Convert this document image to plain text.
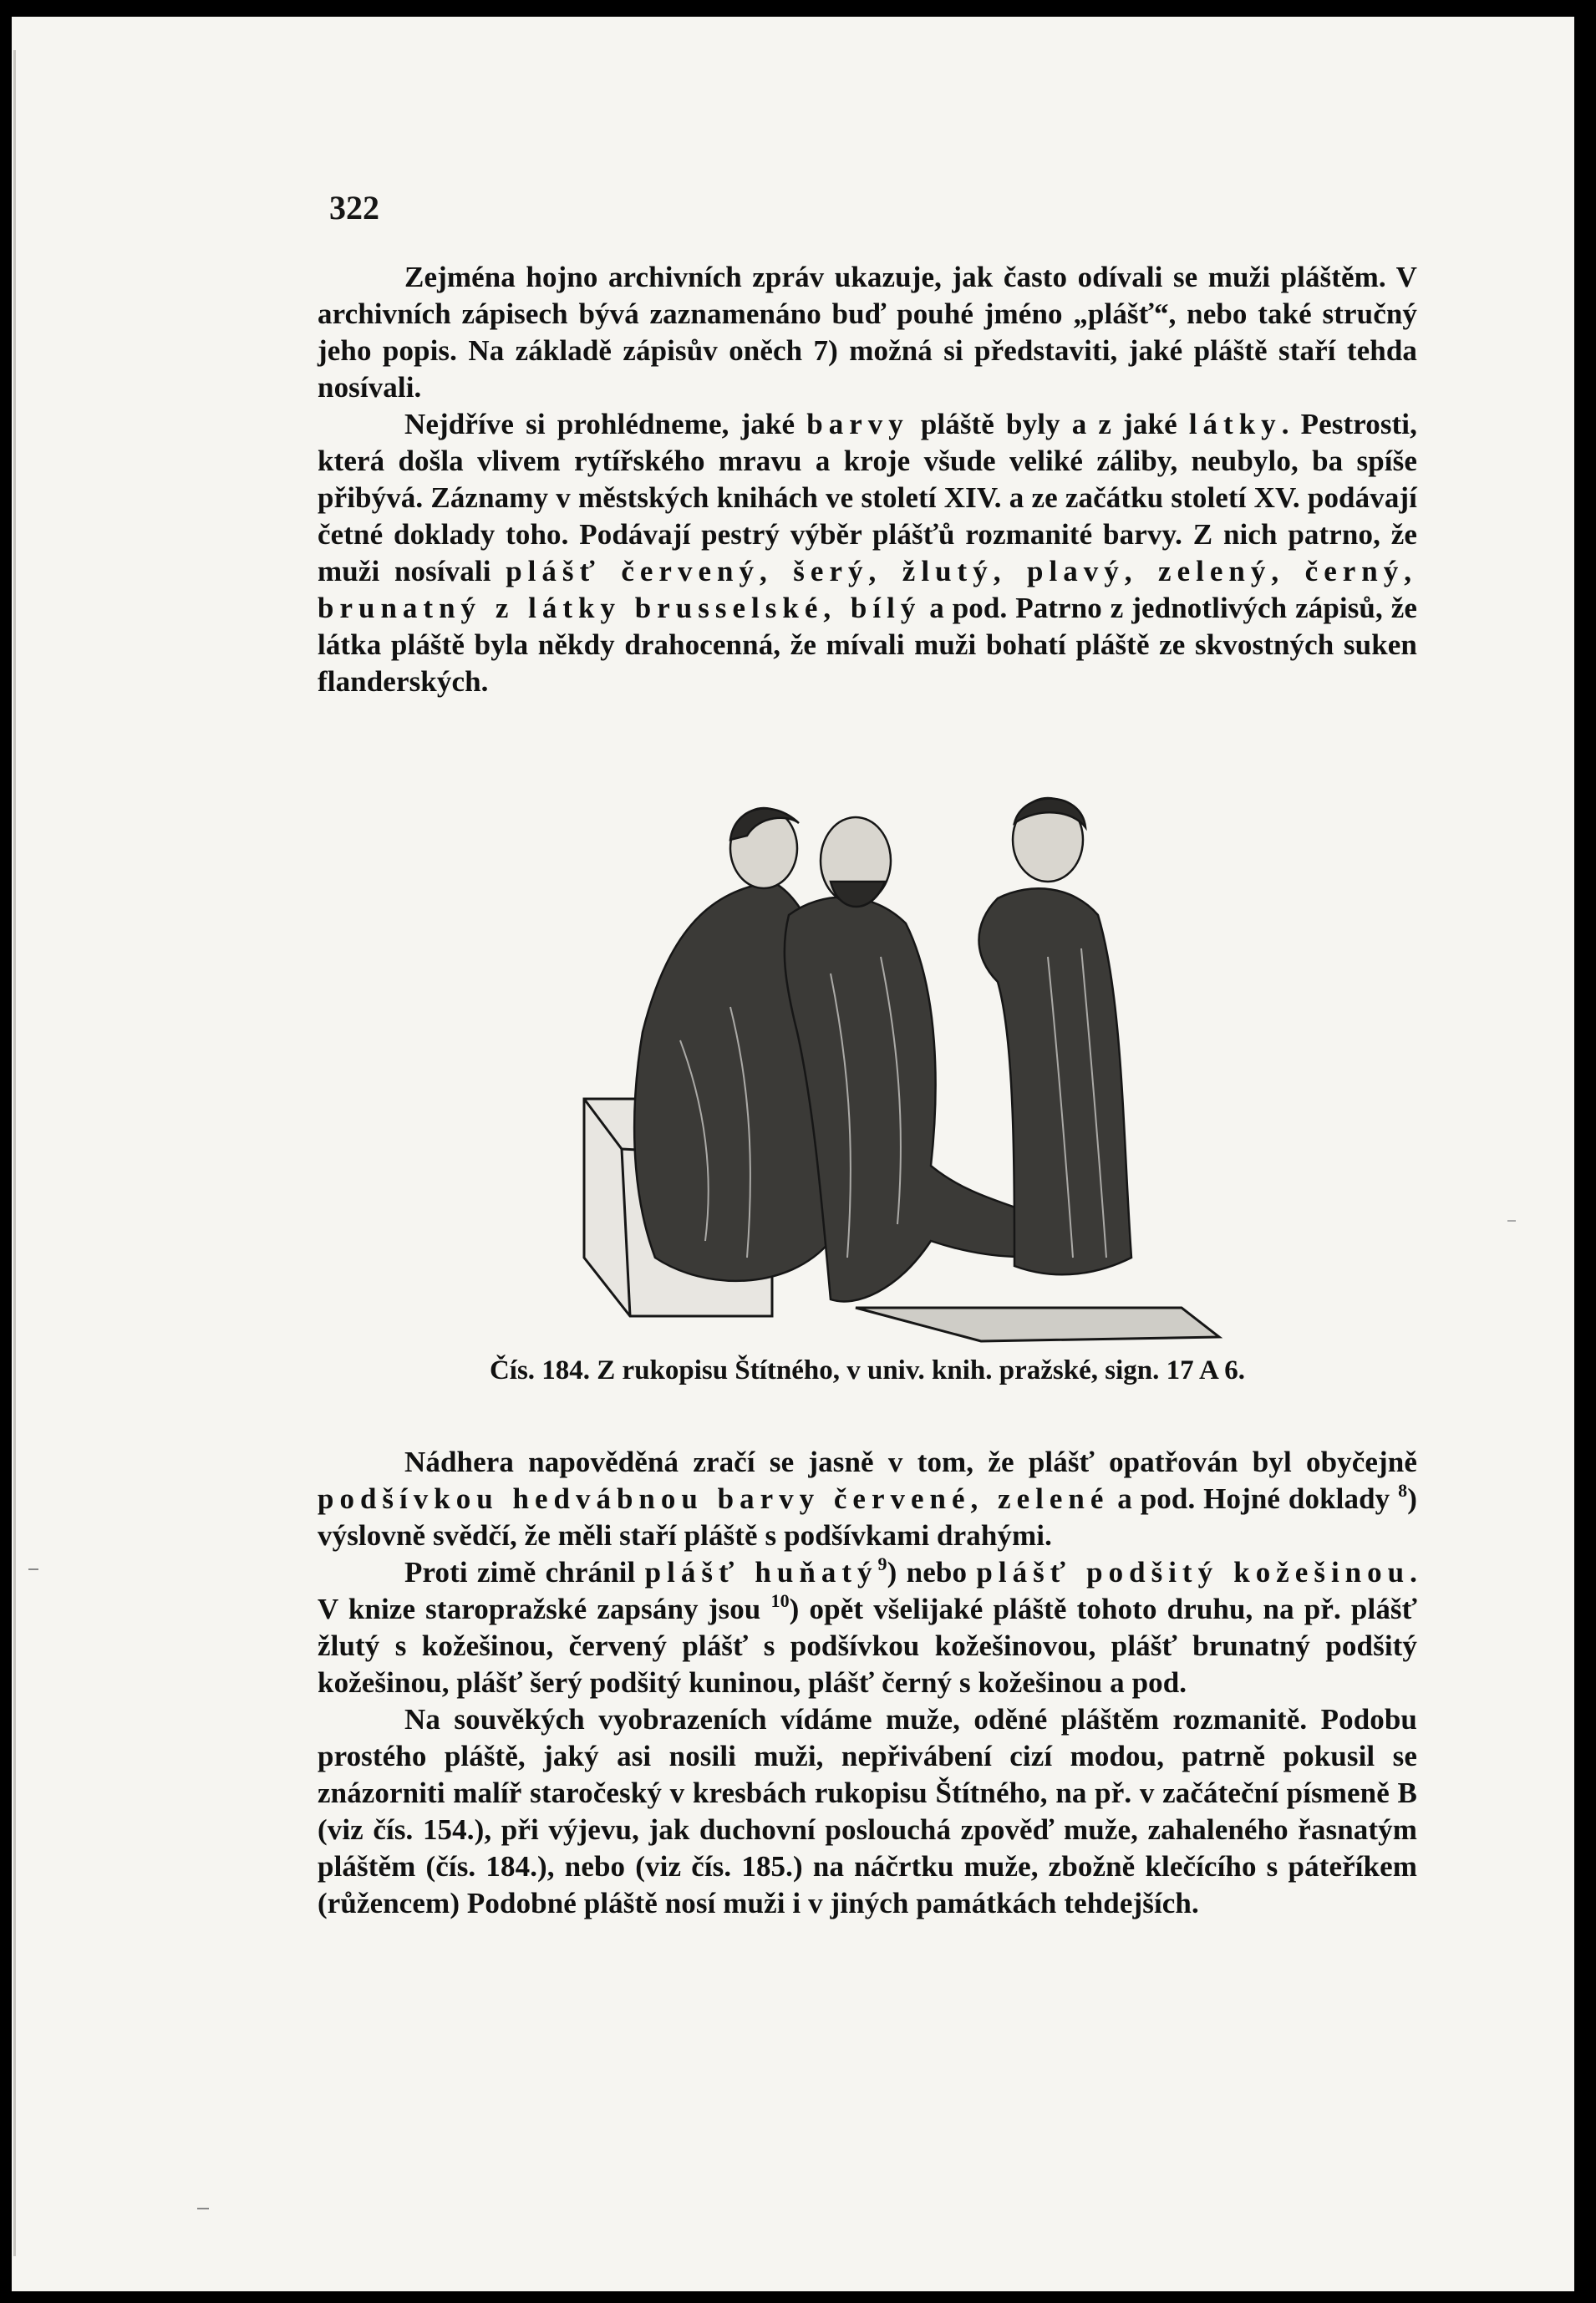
322

Zejména hojno archivních zpráv ukazuje, jak často odívali se muži pláštěm. V archivních zápisech bývá zaznamenáno buď pouhé jméno „plášť“, nebo také stručný jeho popis. Na základě zápisův oněch 7) možná si představiti, jaké pláště staří tehda nosívali.

Nejdříve si prohlédneme, jaké barvy pláště byly a z jaké látky. Pestrosti, která došla vlivem rytířského mravu a kroje všude veliké záliby, neubylo, ba spíše přibývá. Záznamy v městských knihách ve století XIV. a ze začátku století XV. podávají četné doklady toho. Podávají pestrý výběr plášťů rozmanité barvy. Z nich patrno, že muži nosívali plášť červený, šerý, žlutý, plavý, zelený, černý, brunatný z látky brusselské, bílý a pod. Patrno z jednotlivých zápisů, že látka pláště byla někdy drahocenná, že mívali muži bohatí pláště ze skvostných suken flanderských.

Čís. 184. Z rukopisu Štítného, v univ. knih. pražské, sign. 17 A 6.

Nádhera napověděná zračí se jasně v tom, že plášť opatřován byl obyčejně podšívkou hedvábnou barvy červené, zelené a pod. Hojné doklady $^8$) výslovně svědčí, že měli staří pláště s podšívkami drahými.

Proti zimě chránil plášť huňatý$^9$) nebo plášť podšitý kožešinou. V knize staropražské zapsány jsou $^{10}$) opět všelijaké pláště tohoto druhu, na př. plášť žlutý s kožešinou, červený plášť s podšívkou kožešinovou, plášť brunatný podšitý kožešinou, plášť šerý podšitý kuninou, plášť černý s kožešinou a pod.

Na souvěkých vyobrazeních vídáme muže, oděné pláštěm rozmanitě. Podobu prostého pláště, jaký asi nosili muži, nepřivábení cizí modou, patrně pokusil se znázorniti malíř staročeský v kresbách rukopisu Štítného, na př. v začáteční písmeně B (viz čís. 154.), při výjevu, jak duchovní poslouchá zpověď muže, zahaleného řasnatým pláštěm (čís. 184.), nebo (viz čís. 185.) na náčrtku muže, zbožně klečícího s páteříkem (růžencem) Podobné pláště nosí muži i v jiných památkách tehdejších.
